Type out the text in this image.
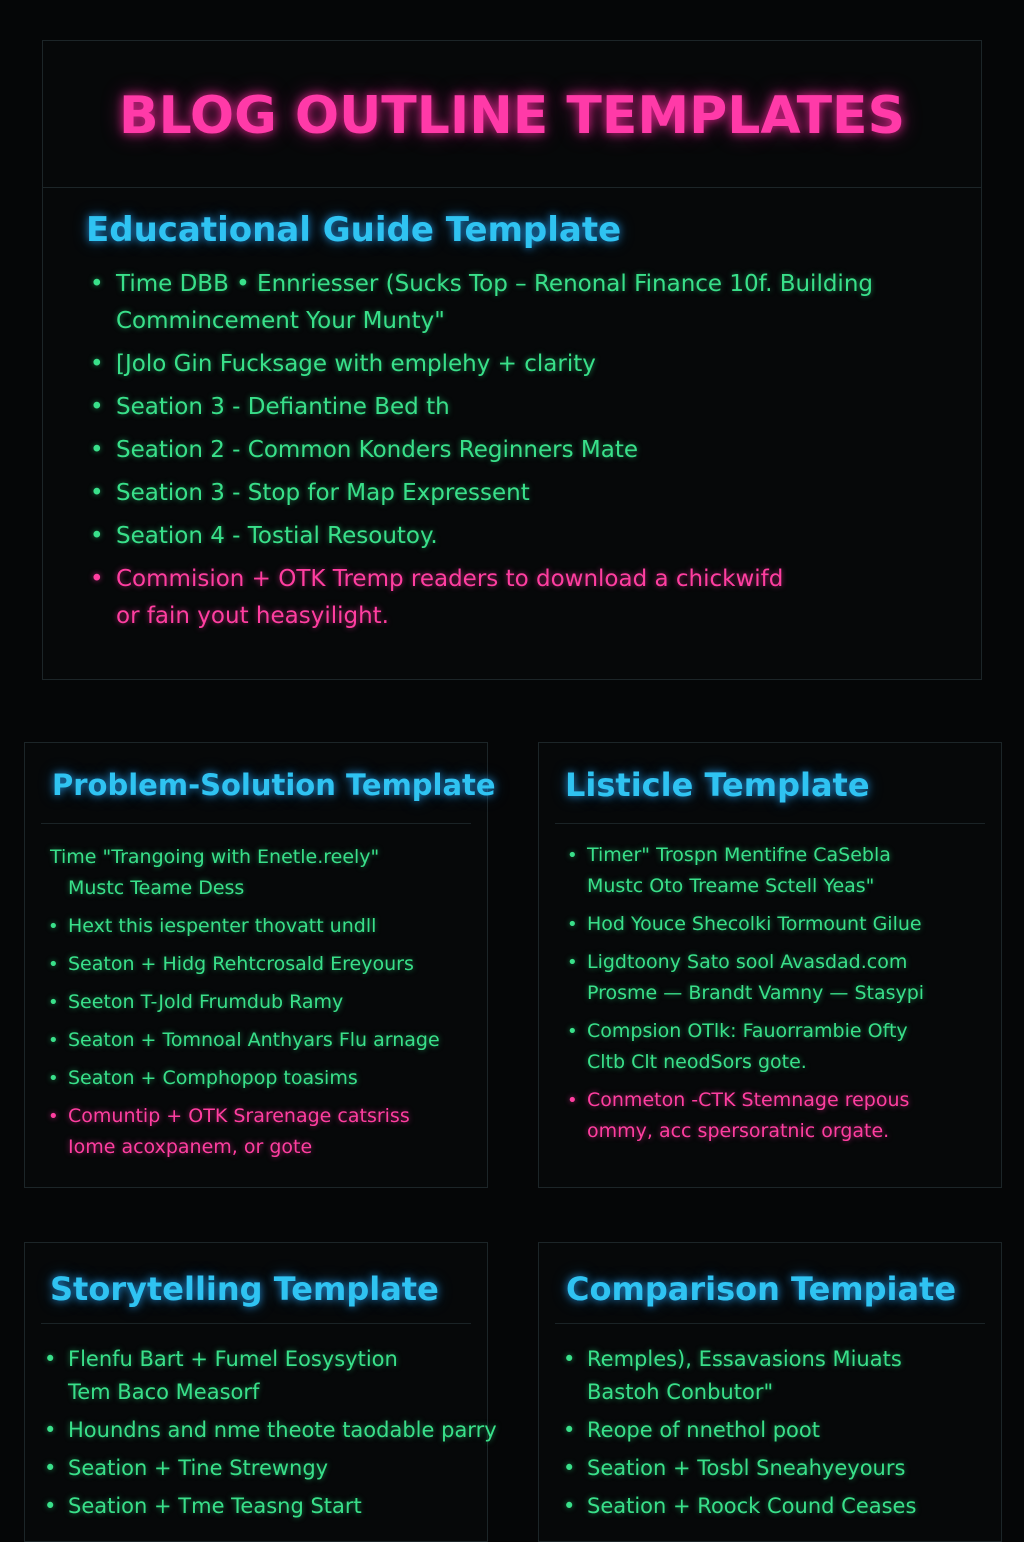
BLOG OUTLINE TEMPLATES
Educational Guide Template
• Time DBB • Ennriesser (Sucks Top – Renonal Finance 10f. Building
Commincement Your Munty"
• [Jolo Gin Fucksage with emplehy + clarity
• Seation 3 - Defiantine Bed th
• Seation 2 - Common Konders Reginners Mate
• Seation 3 - Stop for Map Expressent
• Seation 4 - Tostial Resoutoy.
• Commision + OTK Tremp readers to download a chickwifd
or fain yout heasyilight.
Problem-Solution Template
Time "Trangoing with Enetle.reely"
Mustc Teame Dess
• Hext this iespenter thovatt undll
• Seaton + Hidg Rehtcrosald Ereyours
• Seeton T-Jold Frumdub Ramy
• Seaton + Tomnoal Anthyars Flu arnage
• Seaton + Comphopop toasims
• Comuntip + OTK Srarenage catsriss
Iome acoxpanem, or gote
Listicle Template
• Timer" Trospn Mentifne CaSebla
Mustc Oto Treame Sctell Yeas"
• Hod Youce Shecolki Tormount Gilue
• Ligdtoony Sato sool Avasdad.com
Prosme — Brandt Vamny — Stasypi
• Compsion OTlk: Fauorrambie Ofty
Cltb Clt neodSors gote.
• Conmeton -CTK Stemnage repous
ommy, acc spersoratnic orgate.
Storytelling Template
• Flenfu Bart + Fumel Eosysytion
Tem Baco Measorf
• Houndns and nme theote taodable parry
• Seation + Tine Strewngy
• Seation + Tme Teasng Start
Comparison Tempiate
• Remples), Essavasions Miuats
Bastoh Conbutor"
• Reope of nnethol poot
• Seation + Tosbl Sneahyeyours
• Seation + Roock Cound Ceases
